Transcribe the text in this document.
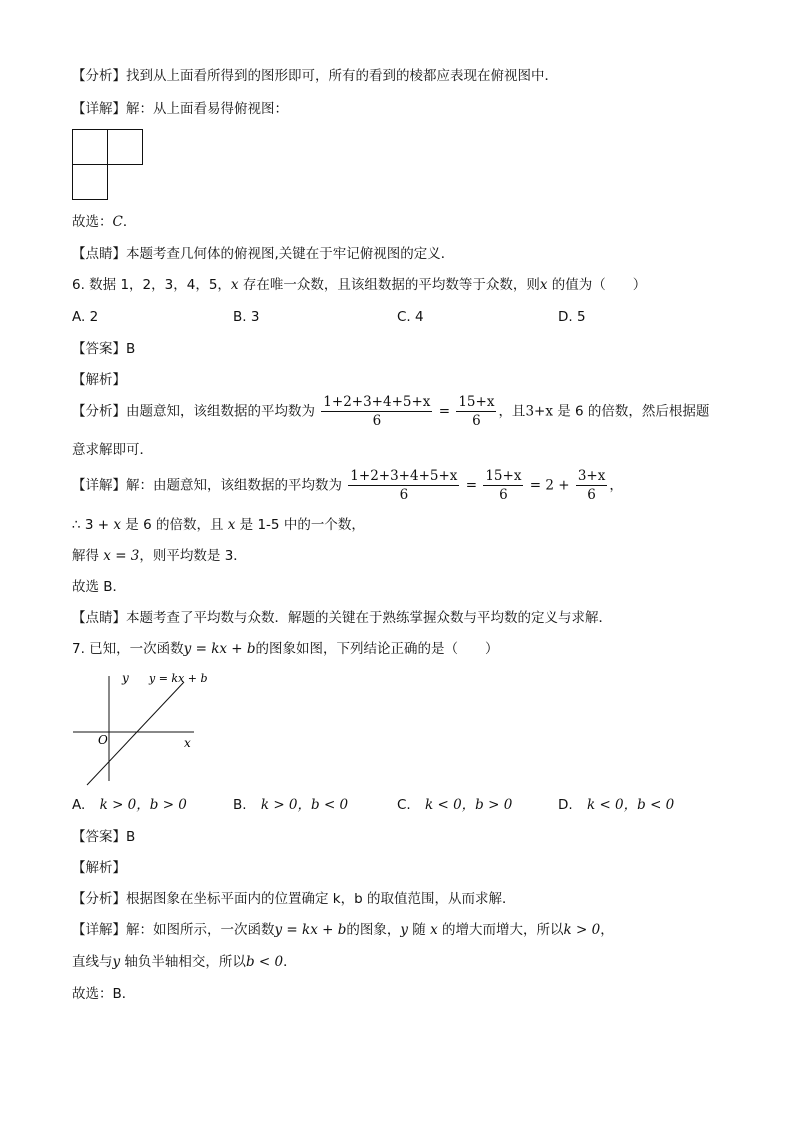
【分析】找到从上面看所得到的图形即可，所有的看到的棱都应表现在俯视图中．
【详解】解：从上面看易得俯视图：
故选：C．
【点睛】本题考查几何体的俯视图,关键在于牢记俯视图的定义．
6. 数据 1，2，3，4，5，x 存在唯一众数，且该组数据的平均数等于众数，则x 的值为（　　）
A. 2	B. 3	C. 4	D. 5
【答案】B
【解析】
【分析】由题意知，该组数据的平均数为 $\frac{1+2+3+4+5+x}{6} = \frac{15+x}{6}$ ，且3+x 是 6 的倍数，然后根据题
意求解即可．
【详解】解：由题意知，该组数据的平均数为 $\frac{1+2+3+4+5+x}{6} = \frac{15+x}{6} = 2 + \frac{3+x}{6}$ ，
∴ 3 + x 是 6 的倍数，且 x 是 1-5 中的一个数，
解得 x = 3，则平均数是 3．
故选 B．
【点睛】本题考查了平均数与众数．解题的关键在于熟练掌握众数与平均数的定义与求解．
7. 已知，一次函数y = kx + b的图象如图，下列结论正确的是（　　）
y
x
O
y = kx + b
A. k > 0，b > 0	B. k > 0，b < 0	C. k < 0，b > 0	D. k < 0，b < 0
【答案】B
【解析】
【分析】根据图象在坐标平面内的位置确定 k，b 的取值范围，从而求解．
【详解】解：如图所示，一次函数y = kx + b的图象，y 随 x 的增大而增大，所以k > 0，
直线与y 轴负半轴相交，所以b < 0．
故选：B．
